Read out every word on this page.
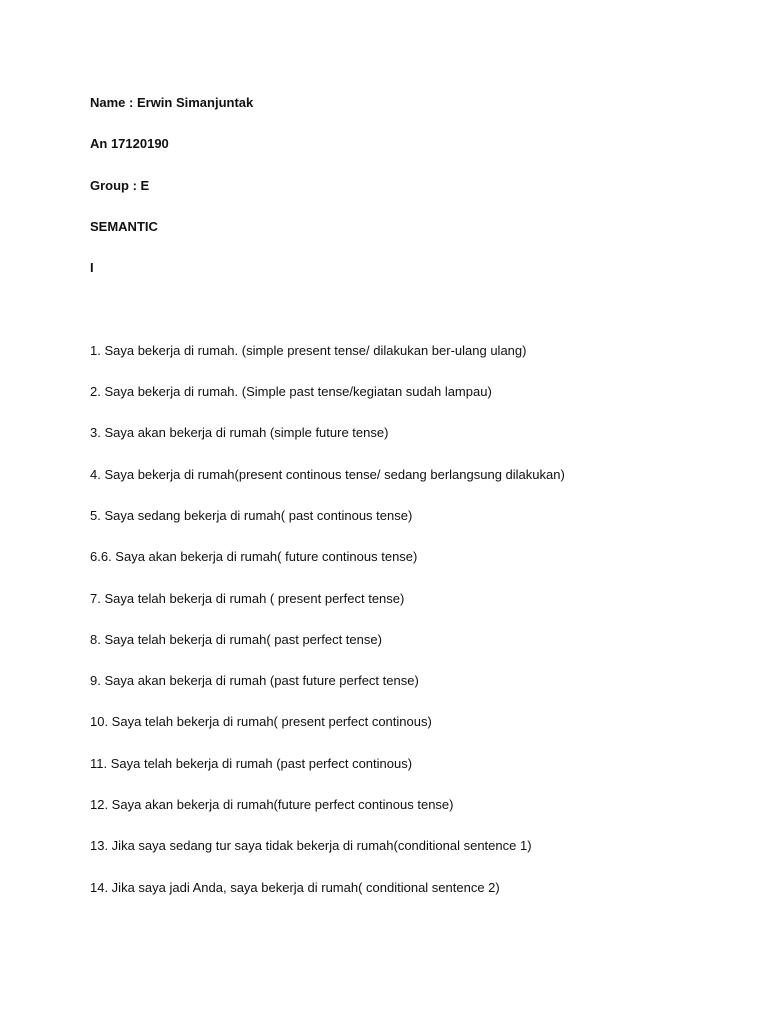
Name : Erwin Simanjuntak
An 17120190
Group : E
SEMANTIC
I
1. Saya bekerja di rumah. (simple present tense/ dilakukan ber-ulang ulang)
2. Saya bekerja di rumah. (Simple past tense/kegiatan sudah lampau)
3. Saya akan bekerja di rumah (simple future tense)
4. Saya bekerja di rumah(present continous tense/ sedang berlangsung dilakukan)
5. Saya sedang bekerja di rumah( past continous tense)
6.6. Saya akan bekerja di rumah( future continous tense)
7. Saya telah bekerja di rumah ( present perfect tense)
8. Saya telah bekerja di rumah( past perfect tense)
9. Saya akan bekerja di rumah (past future perfect tense)
10. Saya telah bekerja di rumah( present perfect continous)
11. Saya telah bekerja di rumah (past perfect continous)
12. Saya akan bekerja di rumah(future perfect continous tense)
13. Jika saya sedang tur saya tidak bekerja di rumah(conditional sentence 1)
14. Jika saya jadi Anda, saya bekerja di rumah( conditional sentence 2)
